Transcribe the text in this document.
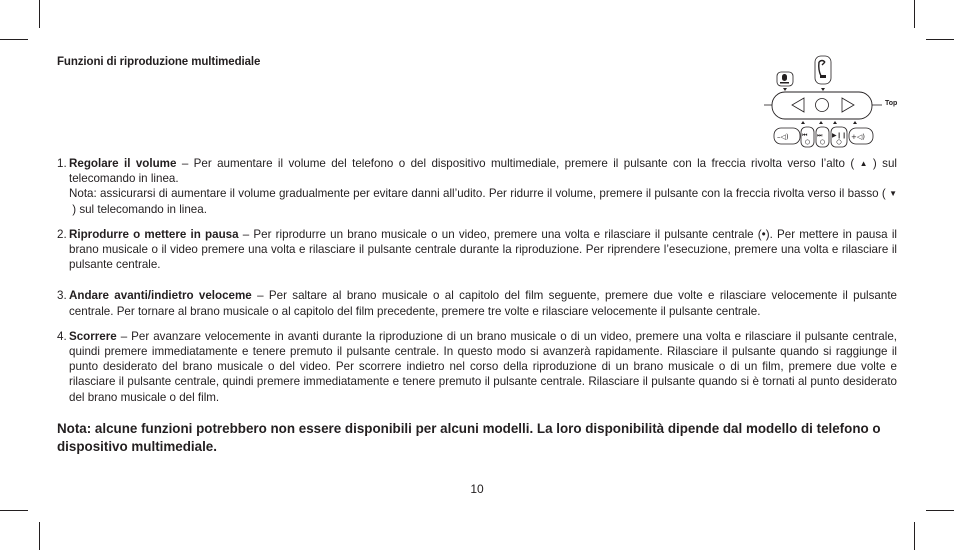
Funzioni di riproduzione multimediale
–◁) ⏮ ⏭ ▶❙❙ +◁)
Top
1. Regolare il volume – Per aumentare il volume del telefono o del dispositivo multimediale, premere il pulsante con la freccia rivolta verso l’alto ( ▲ ) sul telecomando in linea.

Nota: assicurarsi di aumentare il volume gradualmente per evitare danni all’udito. Per ridurre il volume, premere il pulsante con la freccia rivolta verso il basso ( ▼ ) sul telecomando in linea.

2. Riprodurre o mettere in pausa – Per riprodurre un brano musicale o un video, premere una volta e rilasciare il pulsante centrale (•). Per mettere in pausa il brano musicale o il video premere una volta e rilasciare il pulsante centrale durante la riproduzione. Per riprendere l’esecuzione, premere una volta e rilasciare il pulsante centrale.

3. Andare avanti/indietro veloceme – Per saltare al brano musicale o al capitolo del film seguente, premere due volte e rilasciare velocemente il pulsante centrale. Per tornare al brano musicale o al capitolo del film precedente, premere tre volte e rilasciare velocemente il pulsante centrale.

4. Scorrere – Per avanzare velocemente in avanti durante la riproduzione di un brano musicale o di un video, premere una volta e rilasciare il pulsante centrale, quindi premere immediatamente e tenere premuto il pulsante centrale. In questo modo si avanzerà rapidamente. Rilasciare il pulsante quando si raggiunge il punto desiderato del brano musicale o del video. Per scorrere indietro nel corso della riproduzione di un brano musicale o di un film, premere due volte e rilasciare il pulsante centrale, quindi premere immediatamente e tenere premuto il pulsante centrale. Rilasciare il pulsante quando si è tornati al punto desiderato del brano musicale o del film.

Nota: alcune funzioni potrebbero non essere disponibili per alcuni modelli. La loro disponibilità dipende dal modello di telefono o dispositivo multimediale.
10
